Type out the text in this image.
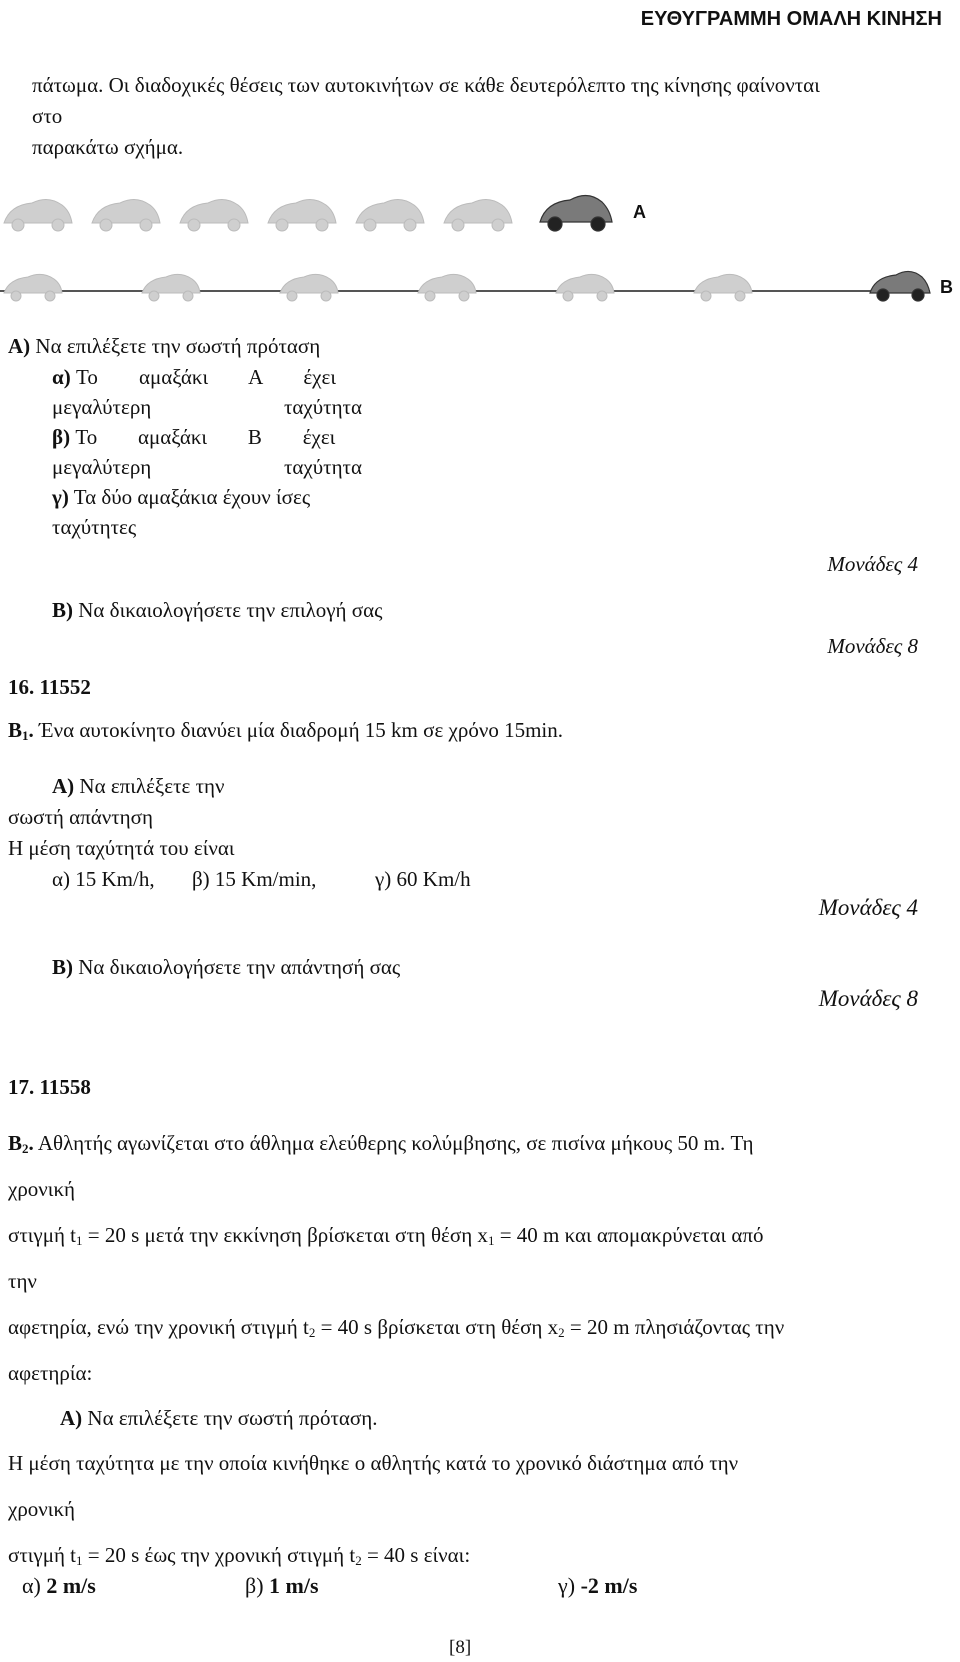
ΕΥΘΥΓΡΑΜΜΗ ΟΜΑΛΗ ΚΙΝΗΣΗ
πάτωμα. Οι διαδοχικές θέσεις των αυτοκινήτων σε κάθε δευτερόλεπτο της κίνησης φαίνονται
στο
παρακάτω σχήμα.
A
B
Α) Να επιλέξετε την σωστή πρόταση
α) Το αμαξάκι Α έχει
μεγαλύτερη ταχύτητα
β) Το αμαξάκι Β έχει
μεγαλύτερη ταχύτητα
γ) Τα δύο αμαξάκια έχουν ίσες
ταχύτητες
Μονάδες 4
Β) Να δικαιολογήσετε την επιλογή σας
Μονάδες 8
16. 11552
$B_1$. Ένα αυτοκίνητο διανύει μία διαδρομή 15 km σε χρόνο 15min.
Α) Να επιλέξετε την
σωστή απάντηση
Η μέση ταχύτητά του είναι
α) 15 Km/h, β) 15 Km/min,	γ) 60 Km/h
Μονάδες 4
Β) Να δικαιολογήσετε την απάντησή σας
Μονάδες 8
17. 11558
$B_2$. Αθλητής αγωνίζεται στο άθλημα ελεύθερης κολύμβησης, σε πισίνα μήκους 50 m. Τη
χρονική
στιγμή $t_1 = 20$ s μετά την εκκίνηση βρίσκεται στη θέση $x_1 = 40$ m και απομακρύνεται από
την
αφετηρία, ενώ την χρονική στιγμή $t_2 = 40$ s βρίσκεται στη θέση $x_2 = 20$ m πλησιάζοντας την
αφετηρία:
Α) Να επιλέξετε την σωστή πρόταση.
Η μέση ταχύτητα με την οποία κινήθηκε ο αθλητής κατά το χρονικό διάστημα από την
χρονική
στιγμή $t_1 = 20$ s έως την χρονική στιγμή $t_2 = 40$ s είναι:
α) 2 m/s	β) 1 m/s	γ) -2 m/s
[8]
